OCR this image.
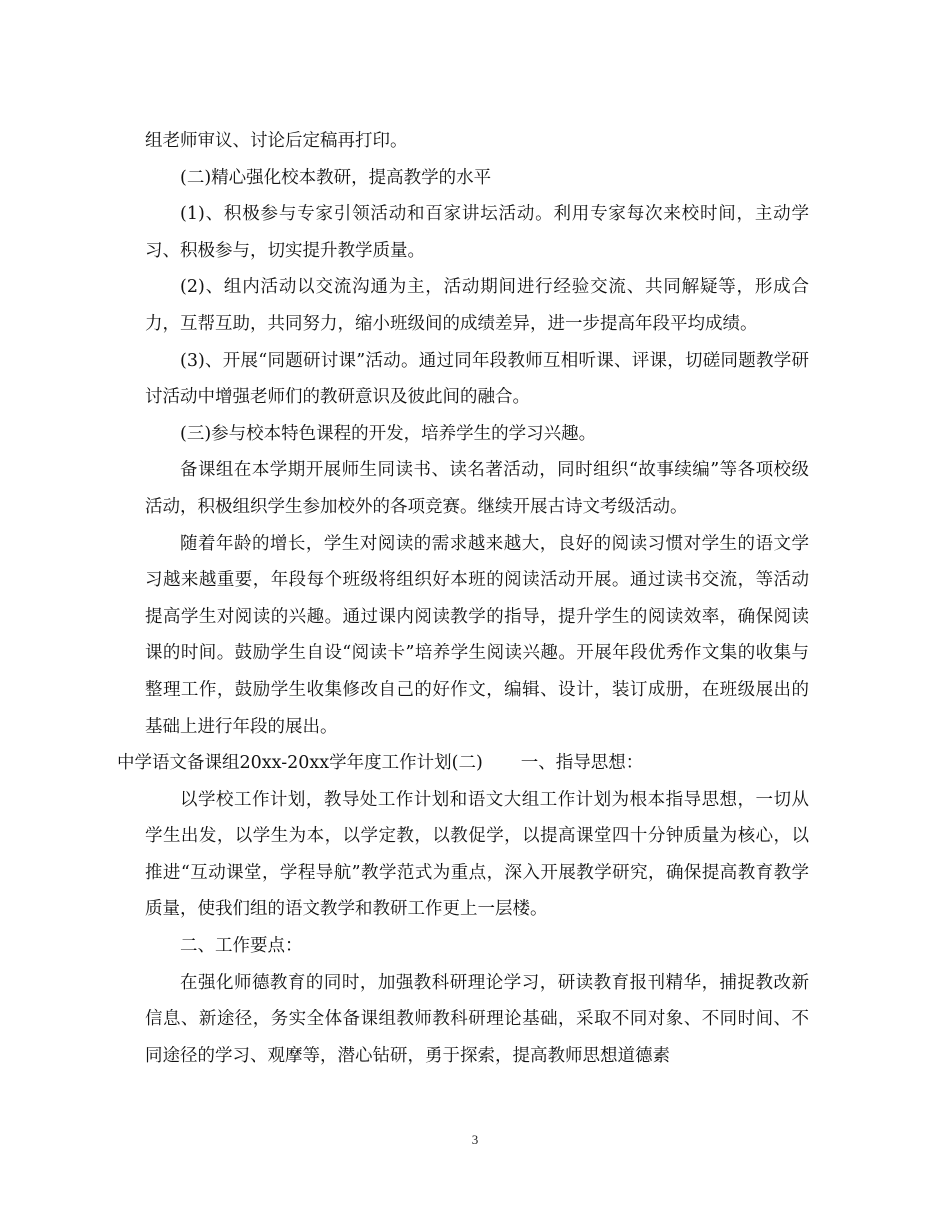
组老师审议、讨论后定稿再打印。

(二)精心强化校本教研，提高教学的水平

(1)、积极参与专家引领活动和百家讲坛活动。利用专家每次来校时间，主动学习、积极参与，切实提升教学质量。

(2)、组内活动以交流沟通为主，活动期间进行经验交流、共同解疑等，形成合力，互帮互助，共同努力，缩小班级间的成绩差异，进一步提高年段平均成绩。

(3)、开展“同题研讨课”活动。通过同年段教师互相听课、评课，切磋同题教学研讨活动中增强老师们的教研意识及彼此间的融合。

(三)参与校本特色课程的开发，培养学生的学习兴趣。

备课组在本学期开展师生同读书、读名著活动，同时组织“故事续编”等各项校级活动，积极组织学生参加校外的各项竞赛。继续开展古诗文考级活动。

随着年龄的增长，学生对阅读的需求越来越大，良好的阅读习惯对学生的语文学习越来越重要，年段每个班级将组织好本班的阅读活动开展。通过读书交流，等活动提高学生对阅读的兴趣。通过课内阅读教学的指导，提升学生的阅读效率，确保阅读课的时间。鼓励学生自设“阅读卡”培养学生阅读兴趣。开展年段优秀作文集的收集与整理工作，鼓励学生收集修改自己的好作文，编辑、设计，装订成册，在班级展出的基础上进行年段的展出。

中学语文备课组20xx-20xx学年度工作计划(二) 一、指导思想：

以学校工作计划，教导处工作计划和语文大组工作计划为根本指导思想，一切从学生出发，以学生为本，以学定教，以教促学，以提高课堂四十分钟质量为核心，以推进“互动课堂，学程导航”教学范式为重点，深入开展教学研究，确保提高教育教学质量，使我们组的语文教学和教研工作更上一层楼。

二、工作要点：

在强化师德教育的同时，加强教科研理论学习，研读教育报刊精华，捕捉教改新信息、新途径，务实全体备课组教师教科研理论基础，采取不同对象、不同时间、不同途径的学习、观摩等，潜心钻研，勇于探索，提高教师思想道德素

3
